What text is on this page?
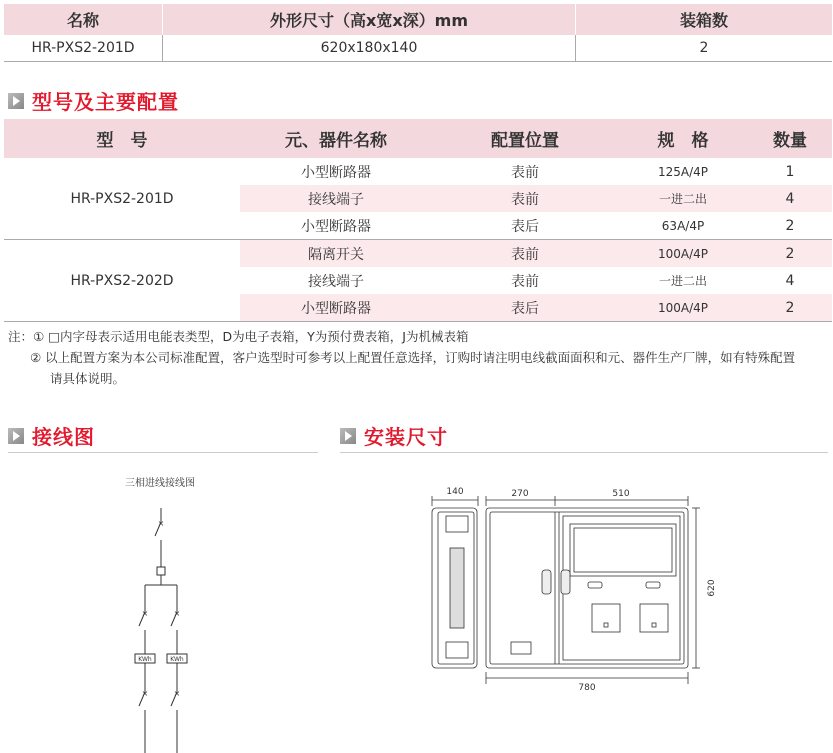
名称	外形尺寸（高x宽x深）mm	装箱数
HR-PXS2-201D	620x180x140	2
型号及主要配置
型　号	元、器件名称	配置位置	规　格	数量
HR-PXS2-201D	小型断路器	表前	125A/4P	1
	接线端子	表前	一进二出	4
	小型断路器	表后	63A/4P	2
HR-PXS2-202D	隔离开关	表前	100A/4P	2
	接线端子	表前	一进二出	4
	小型断路器	表后	100A/4P	2
注：① □内字母表示适用电能表类型，D为电子表箱，Y为预付费表箱，J为机械表箱
② 以上配置方案为本公司标准配置，客户选型时可参考以上配置任意选择，订购时请注明电线截面面积和元、器件生产厂牌，如有特殊配置
请具体说明。
接线图	安装尺寸
三相进线接线图
×
×	×
×	×
KWh	KWh
140	270	510
780
620
